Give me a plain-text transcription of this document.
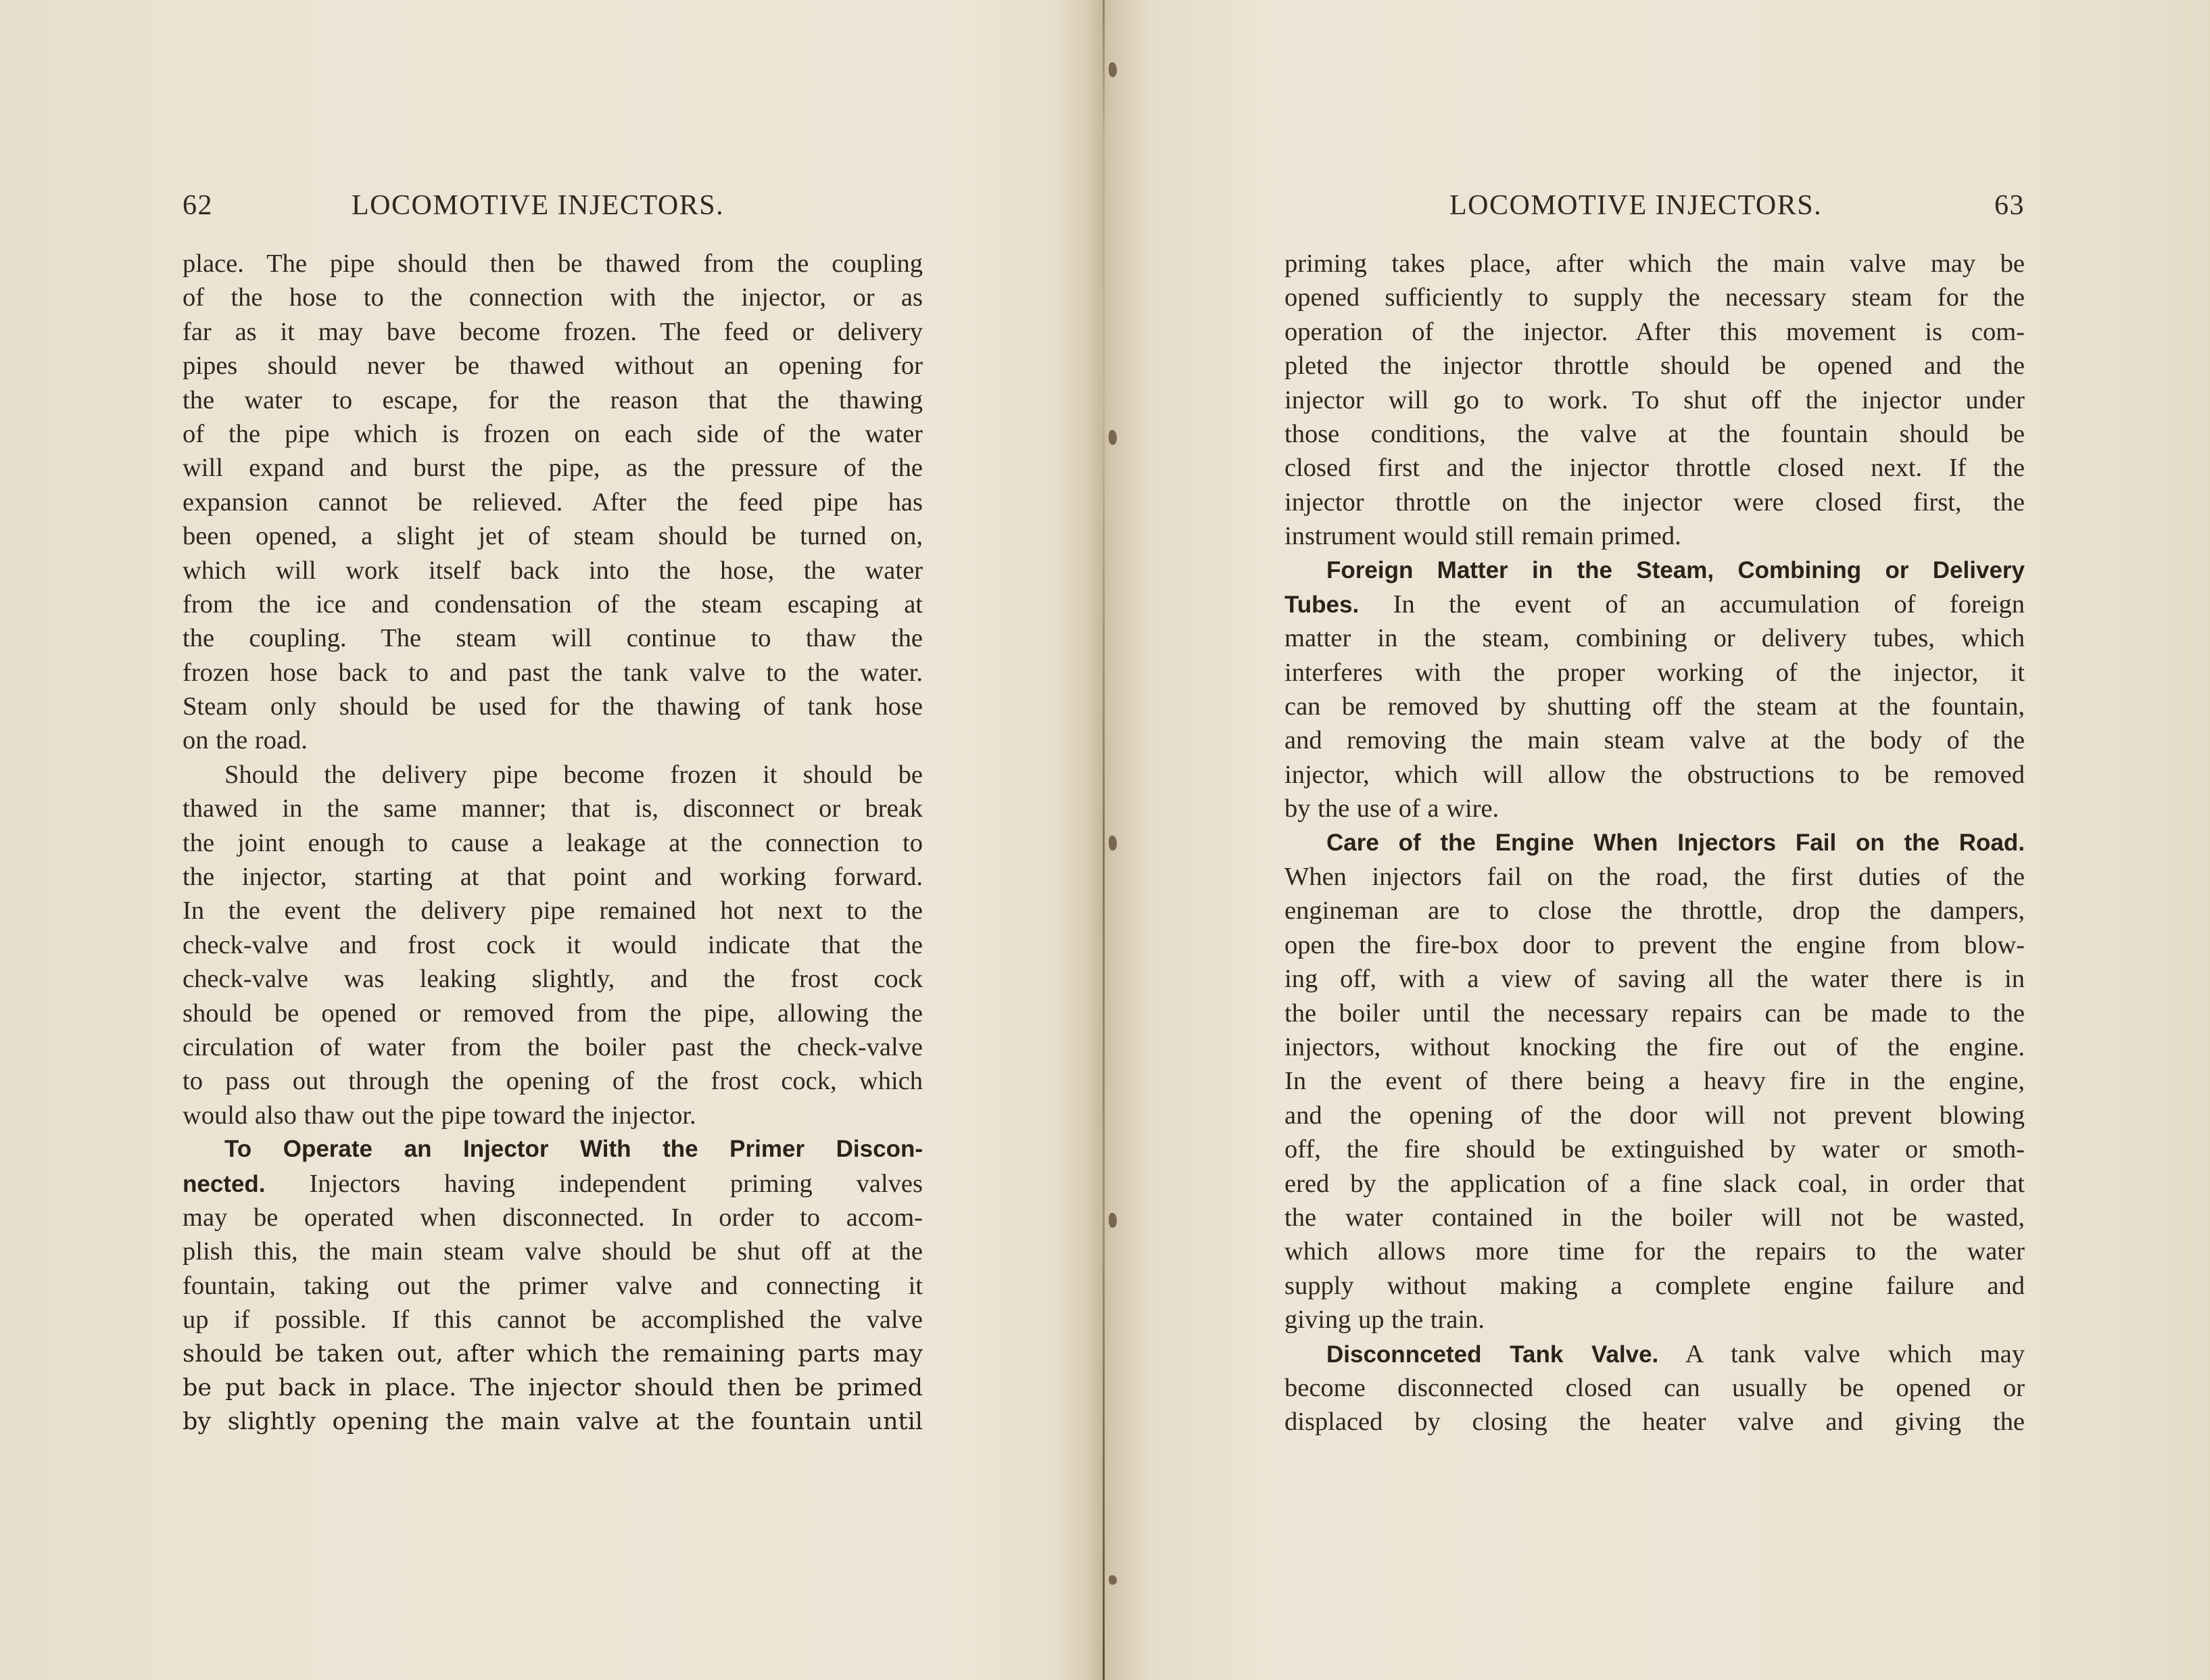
62	LOCOMOTIVE INJECTORS.
place. The pipe should then be thawed from the coupling
of the hose to the connection with the injector, or as
far as it may bave become frozen. The feed or delivery
pipes should never be thawed without an opening for
the water to escape, for the reason that the thawing
of the pipe which is frozen on each side of the water
will expand and burst the pipe, as the pressure of the
expansion cannot be relieved. After the feed pipe has
been opened, a slight jet of steam should be turned on,
which will work itself back into the hose, the water
from the ice and condensation of the steam escaping at
the coupling. The steam will continue to thaw the
frozen hose back to and past the tank valve to the water.
Steam only should be used for the thawing of tank hose
on the road.
Should the delivery pipe become frozen it should be
thawed in the same manner; that is, disconnect or break
the joint enough to cause a leakage at the connection to
the injector, starting at that point and working forward.
In the event the delivery pipe remained hot next to the
check-valve and frost cock it would indicate that the
check-valve was leaking slightly, and the frost cock
should be opened or removed from the pipe, allowing the
circulation of water from the boiler past the check-valve
to pass out through the opening of the frost cock, which
would also thaw out the pipe toward the injector.
To Operate an Injector With the Primer Discon-
nected. Injectors having independent priming valves
may be operated when disconnected. In order to accom-
plish this, the main steam valve should be shut off at the
fountain, taking out the primer valve and connecting it
up if possible. If this cannot be accomplished the valve
should be taken out, after which the remaining parts may
be put back in place. The injector should then be primed
by slightly opening the main valve at the fountain until
LOCOMOTIVE INJECTORS.	63
priming takes place, after which the main valve may be
opened sufficiently to supply the necessary steam for the
operation of the injector. After this movement is com-
pleted the injector throttle should be opened and the
injector will go to work. To shut off the injector under
those conditions, the valve at the fountain should be
closed first and the injector throttle closed next. If the
injector throttle on the injector were closed first, the
instrument would still remain primed.
Foreign Matter in the Steam, Combining or Delivery
Tubes. In the event of an accumulation of foreign
matter in the steam, combining or delivery tubes, which
interferes with the proper working of the injector, it
can be removed by shutting off the steam at the fountain,
and removing the main steam valve at the body of the
injector, which will allow the obstructions to be removed
by the use of a wire.
Care of the Engine When Injectors Fail on the Road.
When injectors fail on the road, the first duties of the
engineman are to close the throttle, drop the dampers,
open the fire-box door to prevent the engine from blow-
ing off, with a view of saving all the water there is in
the boiler until the necessary repairs can be made to the
injectors, without knocking the fire out of the engine.
In the event of there being a heavy fire in the engine,
and the opening of the door will not prevent blowing
off, the fire should be extinguished by water or smoth-
ered by the application of a fine slack coal, in order that
the water contained in the boiler will not be wasted,
which allows more time for the repairs to the water
supply without making a complete engine failure and
giving up the train.
Disconnceted Tank Valve. A tank valve which may
become disconnected closed can usually be opened or
displaced by closing the heater valve and giving the
